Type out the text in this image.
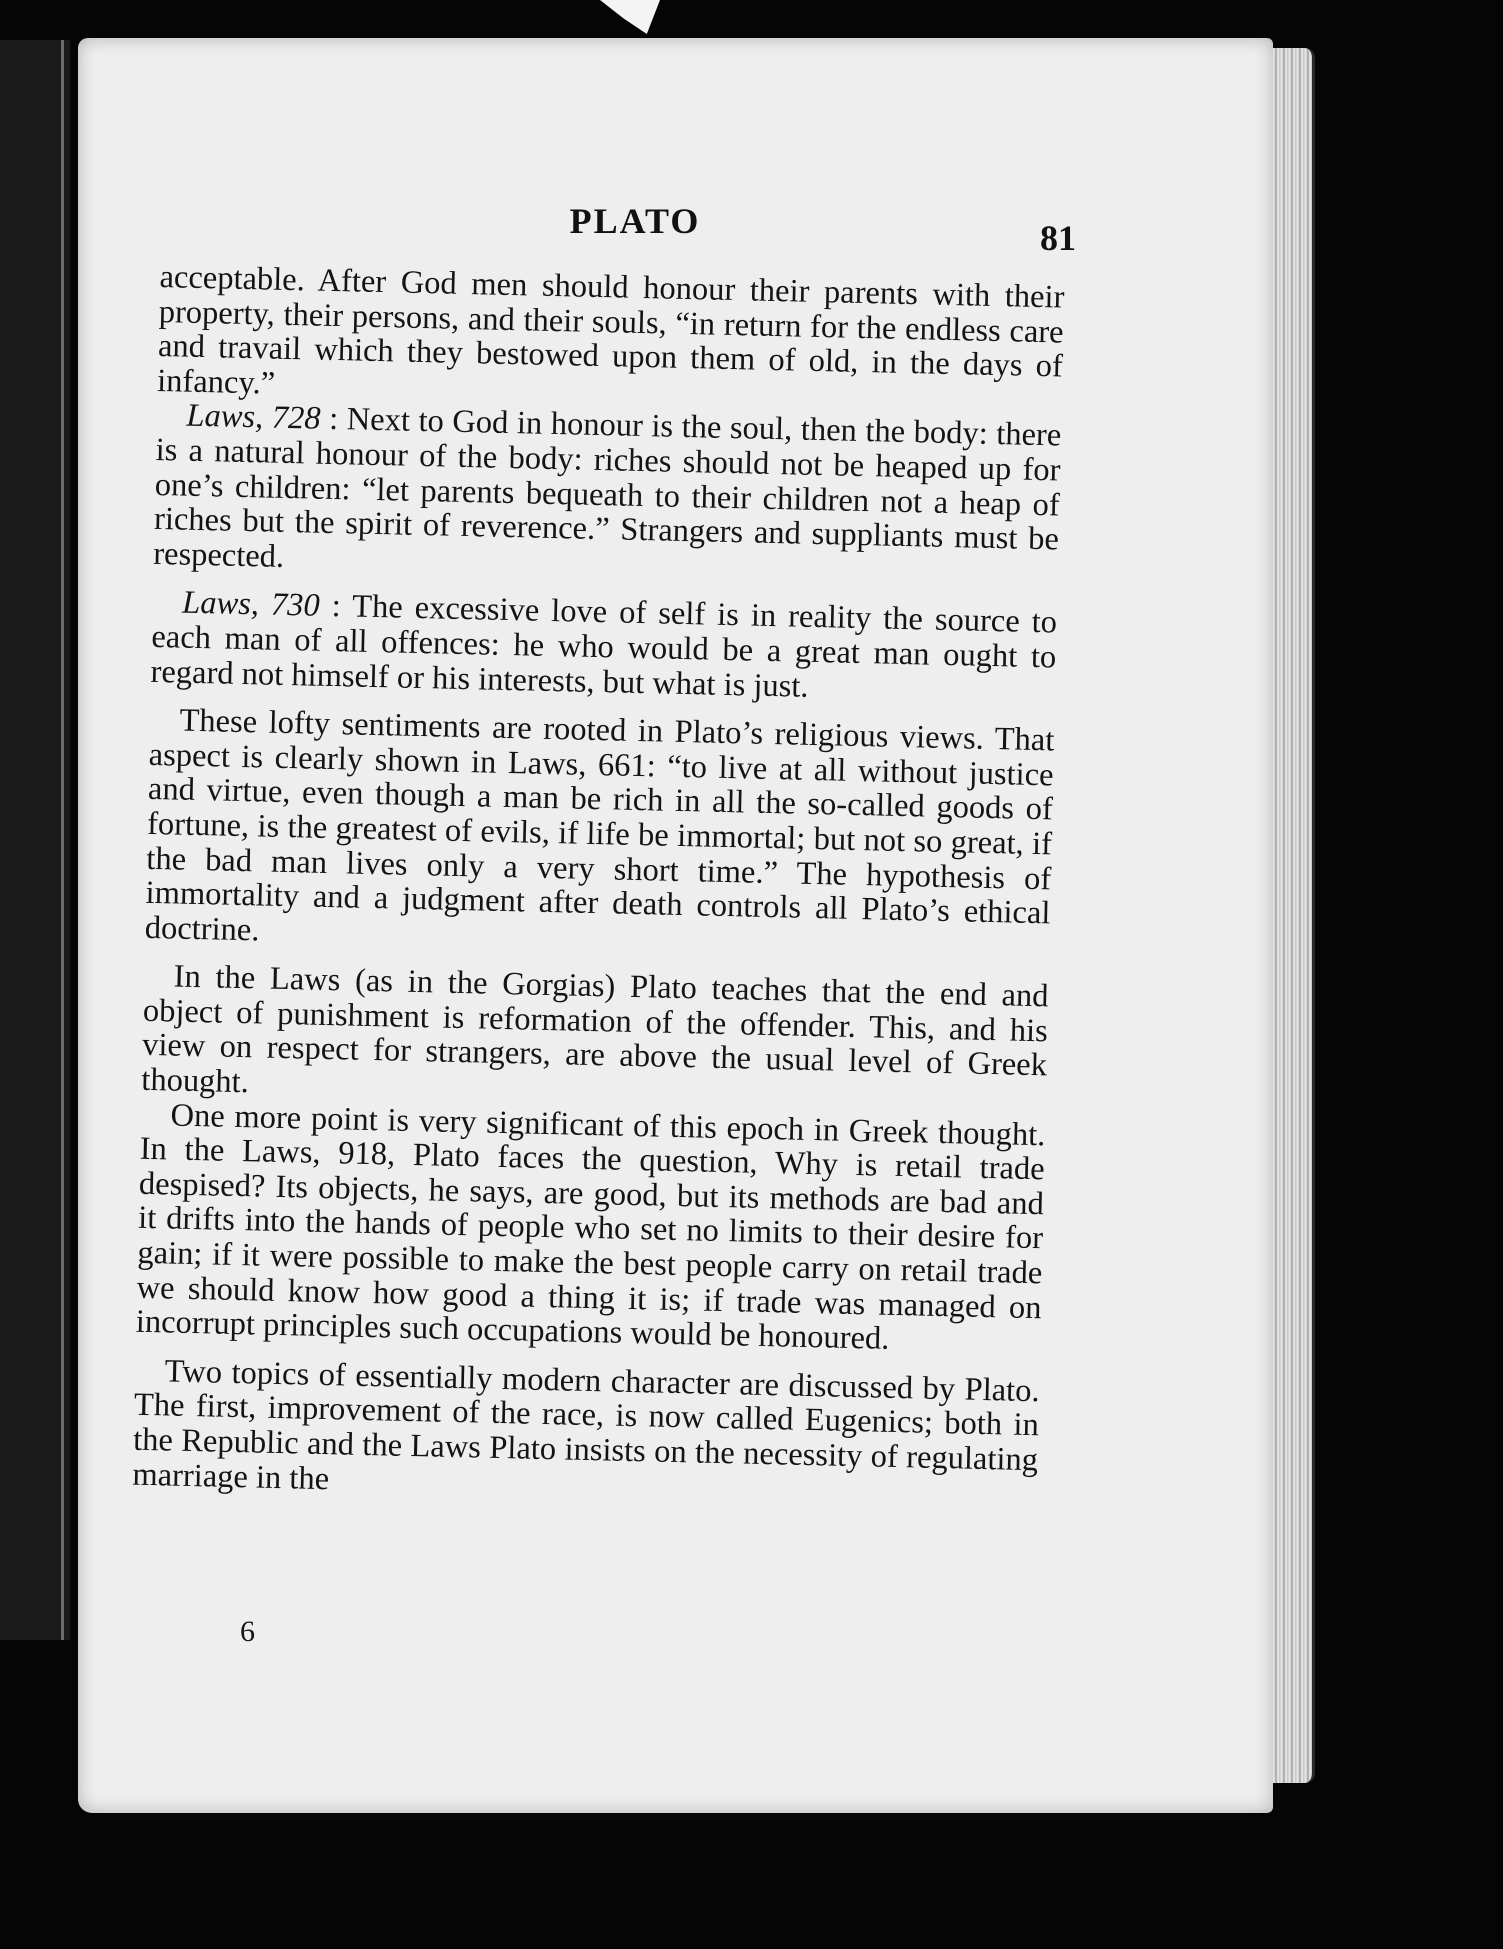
PLATO	81

acceptable. After God men should honour their parents with their property, their persons, and their souls, “in return for the endless care and travail which they bestowed upon them of old, in the days of infancy.”

Laws, 728 : Next to God in honour is the soul, then the body: there is a natural honour of the body: riches should not be heaped up for one’s children: “let parents bequeath to their children not a heap of riches but the spirit of reverence.” Strangers and suppliants must be respected.

Laws, 730 : The excessive love of self is in reality the source to each man of all offences: he who would be a great man ought to regard not himself or his interests, but what is just.

These lofty sentiments are rooted in Plato’s religious views. That aspect is clearly shown in Laws, 661: “to live at all without justice and virtue, even though a man be rich in all the so-called goods of fortune, is the greatest of evils, if life be immortal; but not so great, if the bad man lives only a very short time.” The hypothesis of immortality and a judgment after death controls all Plato’s ethical doctrine.

In the Laws (as in the Gorgias) Plato teaches that the end and object of punishment is reformation of the offender. This, and his view on respect for strangers, are above the usual level of Greek thought.

One more point is very significant of this epoch in Greek thought. In the Laws, 918, Plato faces the question, Why is retail trade despised? Its objects, he says, are good, but its methods are bad and it drifts into the hands of people who set no limits to their desire for gain; if it were possible to make the best people carry on retail trade we should know how good a thing it is; if trade was managed on incorrupt principles such occupations would be honoured.

Two topics of essentially modern character are discussed by Plato. The first, improvement of the race, is now called Eugenics; both in the Republic and the Laws Plato insists on the necessity of regulating marriage in the

6
